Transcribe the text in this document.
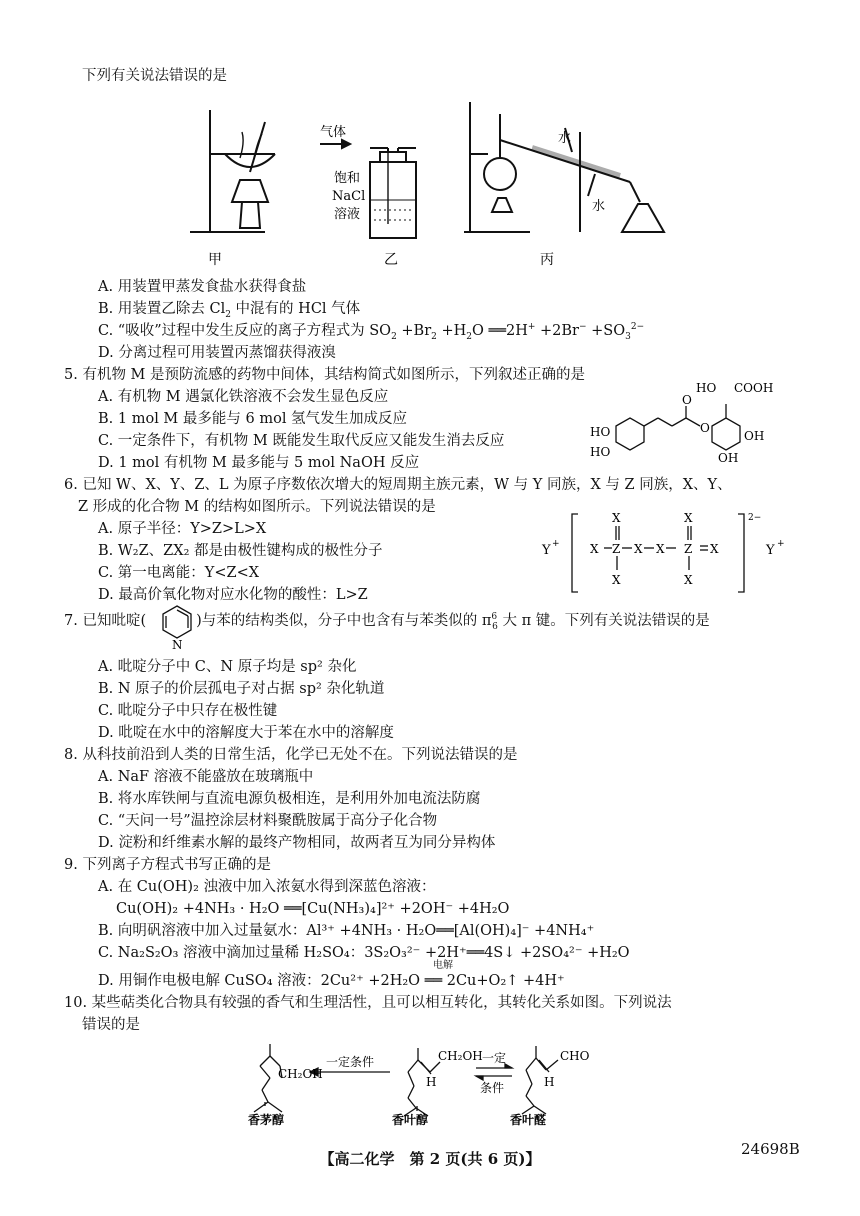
下列有关说法错误的是
气体
饱和
NaCl
溶液
水
水
甲	乙	丙
A. 用装置甲蒸发食盐水获得食盐
B. 用装置乙除去 $Cl_2$ 中混有的 HCl 气体
C. “吸收”过程中发生反应的离子方程式为 $SO_2 +Br_2 +H_2O$ ══2H+ $+2Br^- +SO_3^{2-}$
D. 分离过程可用装置丙蒸馏获得液溴
5. 有机物 M 是预防流感的药物中间体，其结构简式如图所示，下列叙述正确的是
A. 有机物 M 遇氯化铁溶液不会发生显色反应
B. 1 mol M 最多能与 6 mol 氢气发生加成反应
C. 一定条件下，有机物 M 既能发生取代反应又能发生消去反应
D. 1 mol 有机物 M 最多能与 5 mol NaOH 反应
COOH
HO
O
O
HO
HO
OH
OH
6. 已知 W、X、Y、Z、L 为原子序数依次增大的短周期主族元素，W 与 Y 同族，X 与 Z 同族，X、Y、
Z 形成的化合物 M 的结构如图所示。下列说法错误的是
A. 原子半径：Y>Z>L>X
B. W₂Z、ZX₂ 都是由极性键构成的极性分子
C. 第一电离能：Y<Z<X
D. 最高价氧化物对应水化物的酸性：L>Z
Y +
X
X Z X X
X
X
Z X
X
2−
Y +
7. 已知吡啶(	)与苯的结构类似，分子中也含有与苯类似的 $\pi^6_6$ 大 π 键。下列有关说法错误的是
N
A. 吡啶分子中 C、N 原子均是 sp² 杂化
B. N 原子的价层孤电子对占据 sp² 杂化轨道
C. 吡啶分子中只存在极性键
D. 吡啶在水中的溶解度大于苯在水中的溶解度
8. 从科技前沿到人类的日常生活，化学已无处不在。下列说法错误的是
A. NaF 溶液不能盛放在玻璃瓶中
B. 将水库铁闸与直流电源负极相连，是利用外加电流法防腐
C. “天问一号”温控涂层材料聚酰胺属于高分子化合物
D. 淀粉和纤维素水解的最终产物相同，故两者互为同分异构体
9. 下列离子方程式书写正确的是
A. 在 Cu(OH)₂ 浊液中加入浓氨水得到深蓝色溶液：
Cu(OH)₂ +4NH₃ · H₂O ══[Cu(NH₃)₄]²⁺ +2OH⁻ +4H₂O
B. 向明矾溶液中加入过量氨水：Al³⁺ +4NH₃ · H₂O══[Al(OH)₄]⁻ +4NH₄⁺
C. Na₂S₂O₃ 溶液中滴加过量稀 H₂SO₄：3S₂O₃²⁻ +2H⁺══4S↓ +2SO₄²⁻ +H₂O
D. 用铜作电极电解 CuSO₄ 溶液：2Cu²⁺ +2H₂O ══ 2Cu+O₂↑ +4H⁺
电解
10. 某些萜类化合物具有较强的香气和生理活性，且可以相互转化，其转化关系如图。下列说法
错误的是
CH₂OH
一定条件	CH₂OH
H
一定
条件
CHO
H
香茅醇	香叶醇	香叶醛
【高二化学　第 2 页(共 6 页)】
24698B
